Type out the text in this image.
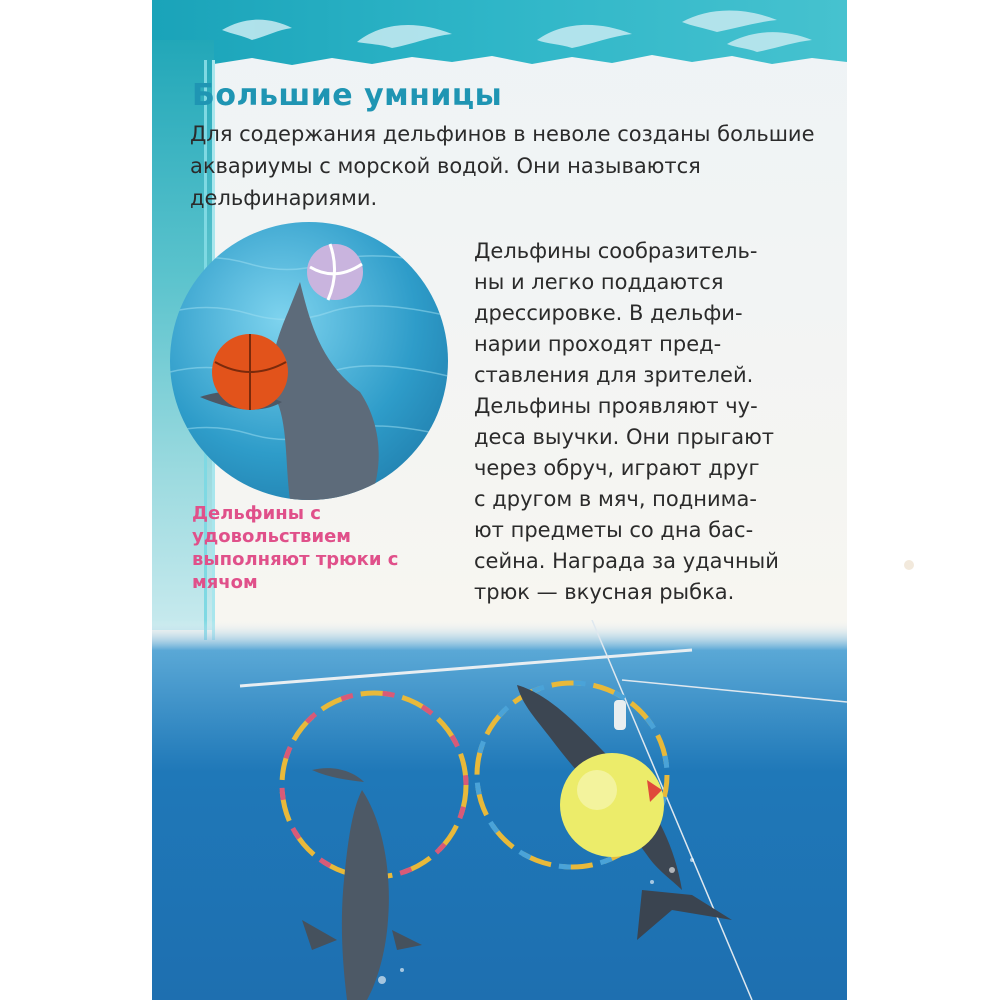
Большие умницы

Для содержания дельфинов в неволе созданы большие аквариумы с морской водой. Они называются дельфинариями.

Дельфины с удовольствием выполняют трюки с мячом

Дельфины сообразитель-
ны и легко поддаются
дрессировке. В дельфи-
нарии проходят пред-
ставления для зрителей.
Дельфины проявляют чу-
деса выучки. Они прыгают
через обруч, играют друг
с другом в мяч, поднима-
ют предметы со дна бас-
сейна. Награда за удачный
трюк — вкусная рыбка.
